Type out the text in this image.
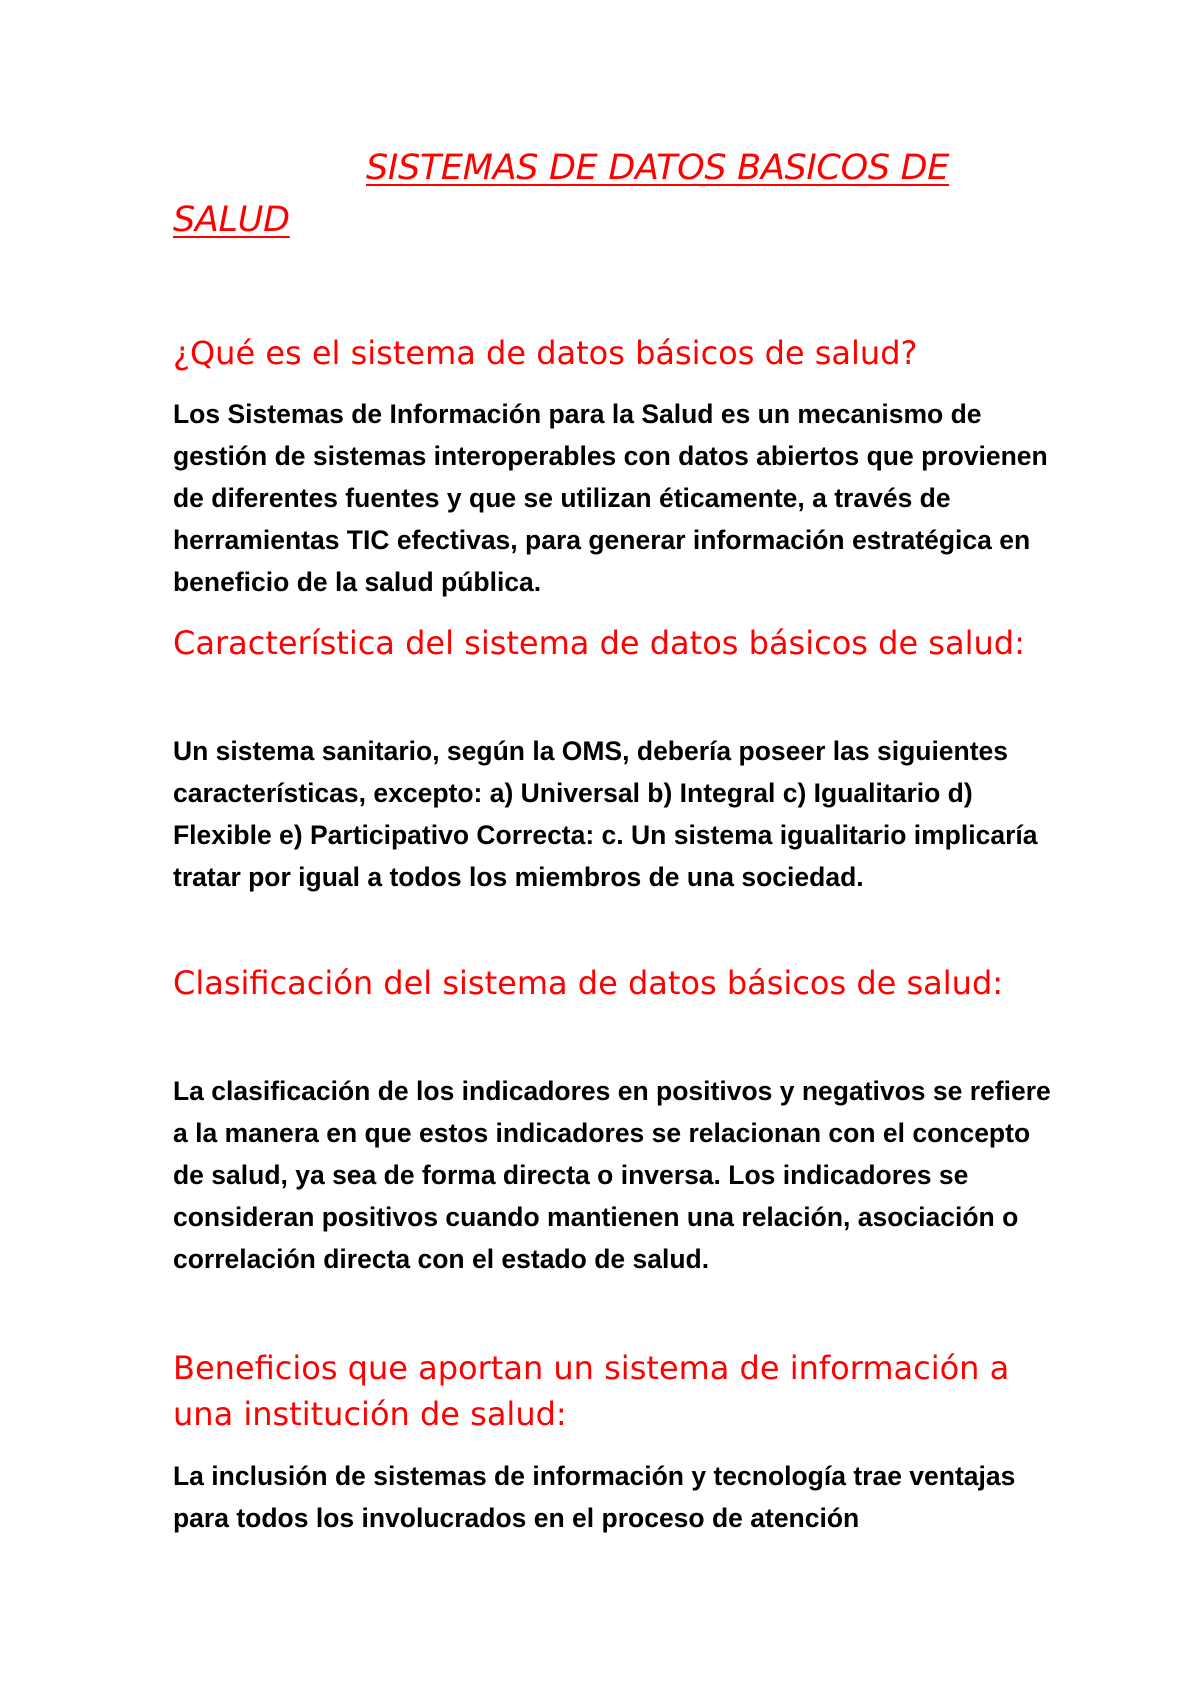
SISTEMAS DE DATOS BASICOS DE SALUD
¿Qué es el sistema de datos básicos de salud?

Los Sistemas de Información para la Salud es un mecanismo de gestión de sistemas interoperables con datos abiertos que provienen de diferentes fuentes y que se utilizan éticamente, a través de herramientas TIC efectivas, para generar información estratégica en beneficio de la salud pública.

Característica del sistema de datos básicos de salud:

Un sistema sanitario, según la OMS, debería poseer las siguientes características, excepto: a) Universal b) Integral c) Igualitario d) Flexible e) Participativo Correcta: c. Un sistema igualitario implicaría tratar por igual a todos los miembros de una sociedad.

Clasificación del sistema de datos básicos de salud:

La clasificación de los indicadores en positivos y negativos se refiere a la manera en que estos indicadores se relacionan con el concepto de salud, ya sea de forma directa o inversa. Los indicadores se consideran positivos cuando mantienen una relación, asociación o correlación directa con el estado de salud.

Beneficios que aportan un sistema de información a una institución de salud:

La inclusión de sistemas de información y tecnología trae ventajas para todos los involucrados en el proceso de atención
